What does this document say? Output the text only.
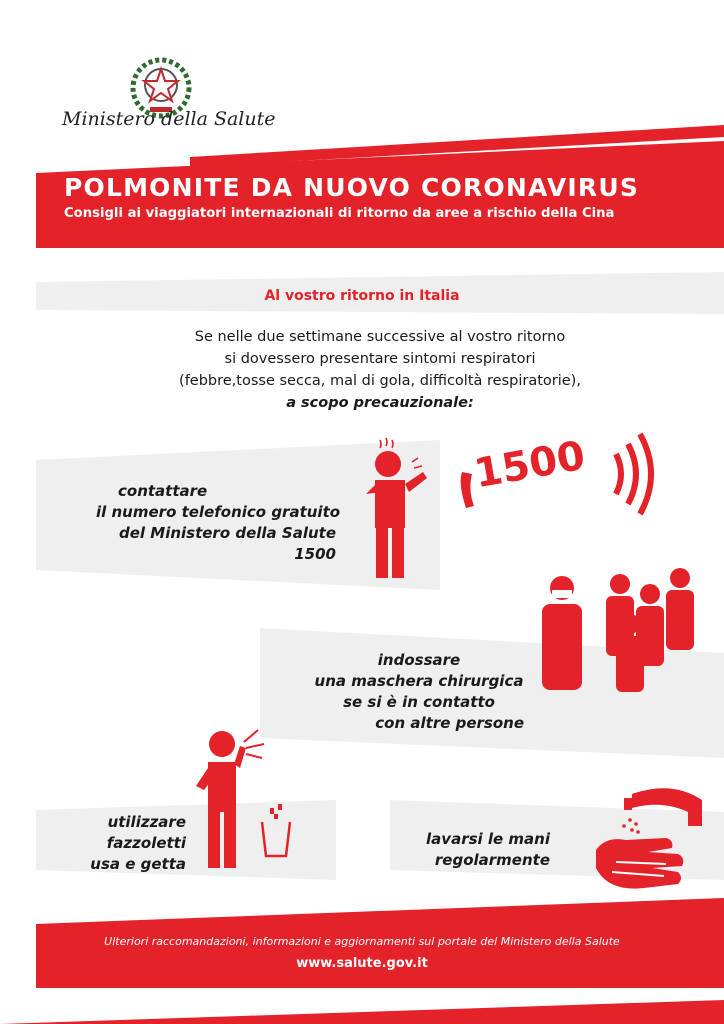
Ministero della Salute
POLMONITE DA NUOVO CORONAVIRUS
Consigli ai viaggiatori internazionali di ritorno da aree a rischio della Cina
Al vostro ritorno in Italia
Se nelle due settimane successive al vostro ritorno
si dovessero presentare sintomi respiratori
(febbre,tosse secca, mal di gola, difficoltà respiratorie),
a scopo precauzionale:
contattare
il numero telefonico gratuito
del Ministero della Salute
1500
1500
indossare
una maschera chirurgica
se si è in contatto
con altre persone
utilizzare
fazzoletti
usa e getta
lavarsi le mani
regolarmente
Ulteriori raccomandazioni, informazioni e aggiornamenti sul portale del Ministero della Salute
www.salute.gov.it
